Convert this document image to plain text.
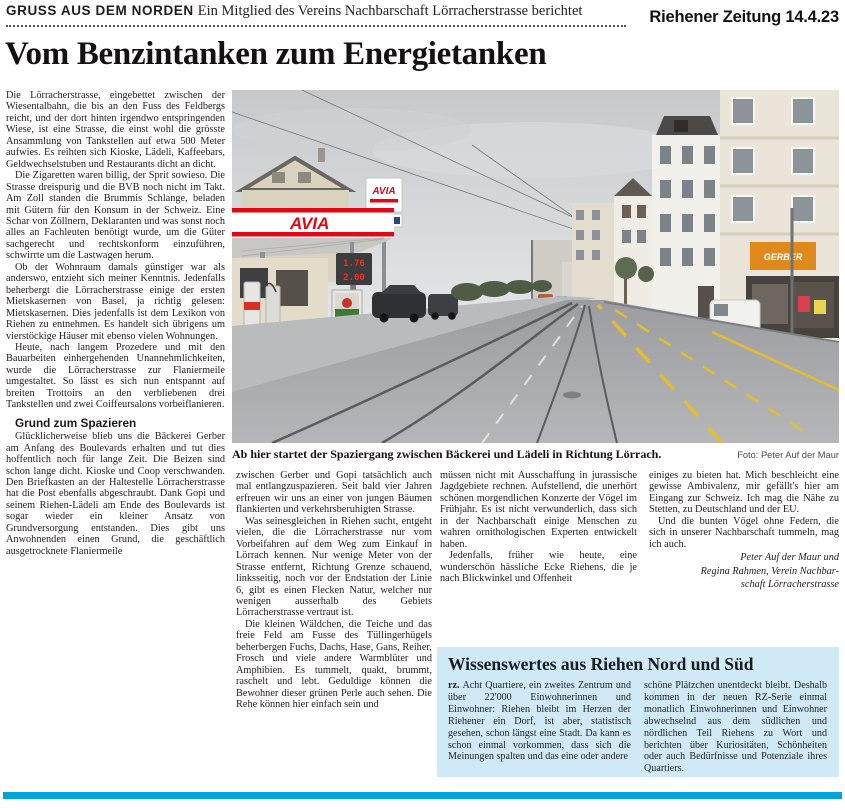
GRUSS AUS DEM NORDEN Ein Mitglied des Vereins Nachbarschaft Lörracherstrasse berichtet	Riehener Zeitung 14.4.23
Vom Benzintanken zum Energietanken

Die Lörracherstrasse, eingebettet zwischen der Wiesentalbahn, die bis an den Fuss des Feldbergs reicht, und der dort hinten irgendwo entspringenden Wiese, ist eine Strasse, die einst wohl die grösste Ansammlung von Tankstellen auf etwa 500 Meter aufwies. Es reihten sich Kioske, Lädeli, Kaffeebars, Geldwechselstuben und Restaurants dicht an dicht.

Die Zigaretten waren billig, der Sprit sowieso. Die Strasse dreispurig und die BVB noch nicht im Takt. Am Zoll standen die Brummis Schlange, beladen mit Gütern für den Konsum in der Schweiz. Eine Schar von Zöllnern, Deklaranten und was sonst noch alles an Fachleuten benötigt wurde, um die Güter sachgerecht und rechtskonform einzuführen, schwirrte um die Lastwagen herum.

Ob der Wohnraum damals günstiger war als anderswo, entzieht sich meiner Kenntnis. Jedenfalls beherbergt die Lörracherstrasse einige der ersten Mietskasernen von Basel, ja richtig gelesen: Mietskasernen. Dies jedenfalls ist dem Lexikon von Riehen zu entnehmen. Es handelt sich übrigens um vierstöckige Häuser mit ebenso vielen Wohnungen.

Heute, nach langem Prozedere und mit den Bauarbeiten einhergehenden Unannehmlichkeiten, wurde die Lörracherstrasse zur Flaniermeile umgestaltet. So lässt es sich nun entspannt auf breiten Trottoirs an den verbliebenen drei Tankstellen und zwei Coiffeursalons vorbeiflanieren.

Grund zum Spazieren

Glücklicherweise blieb uns die Bäckerei Gerber am Anfang des Boulevards erhalten und tut dies hoffentlich noch für lange Zeit. Die Beizen sind schon lange dicht. Kioske und Coop verschwanden. Den Briefkasten an der Haltestelle Lörracherstrasse hat die Post ebenfalls abgeschraubt. Dank Gopi und seinem Riehen-Lädeli am Ende des Boulevards ist sogar wieder ein kleiner Ansatz von Grundversorgung entstanden. Dies gibt uns Anwohnenden einen Grund, die geschäftlich ausgetrocknete Flaniermeile

GERBER
AVIA
AVIA
1.76
2.00
Ab hier startet der Spaziergang zwischen Bäckerei und Lädeli in Richtung Lörrach.	Foto: Peter Auf der Maur

zwischen Gerber und Gopi tatsächlich auch mal entlangzuspazieren. Seit bald vier Jahren erfreuen wir uns an einer von jungen Bäumen flankierten und verkehrsberuhigten Strasse.

Was seinesgleichen in Riehen sucht, entgeht vielen, die die Lörracherstrasse nur vom Vorbeifahren auf dem Weg zum Einkauf in Lörrach kennen. Nur wenige Meter von der Strasse entfernt, Richtung Grenze schauend, linksseitig, noch vor der Endstation der Linie 6, gibt es einen Flecken Natur, welcher nur wenigen ausserhalb des Gebiets Lörracherstrasse vertraut ist.

Die kleinen Wäldchen, die Teiche und das freie Feld am Fusse des Tüllingerhügels beherbergen Fuchs, Dachs, Hase, Gans, Reiher, Frosch und viele andere Warmblüter und Amphibien. Es tummelt, quakt, brummt, raschelt und lebt. Geduldige können die Bewohner dieser grünen Perle auch sehen. Die Rehe können hier einfach sein und

müssen nicht mit Ausschaffung in jurassische Jagdgebiete rechnen. Aufstellend, die unerhört schönen morgendlichen Konzerte der Vögel im Frühjahr. Es ist nicht verwunderlich, dass sich in der Nachbarschaft einige Menschen zu wahren ornithologischen Experten entwickelt haben.

Jedenfalls, früher wie heute, eine wunderschön hässliche Ecke Riehens, die je nach Blickwinkel und Offenheit

einiges zu bieten hat. Mich beschleicht eine gewisse Ambivalenz, mir gefällt's hier am Eingang zur Schweiz. Ich mag die Nähe zu Stetten, zu Deutschland und der EU.

Und die bunten Vögel ohne Federn, die sich in unserer Nachbarschaft tummeln, mag ich auch.

Peter Auf der Maur und

Regina Rahmen, Verein Nachbar-

schaft Lörracherstrasse

Wissenswertes aus Riehen Nord und Süd

rz. Acht Quartiere, ein zweites Zentrum und über 22'000 Einwohnerinnen und Einwohner: Riehen bleibt im Herzen der Riehener ein Dorf, ist aber, statistisch gesehen, schon längst eine Stadt. Da kann es schon einmal vorkommen, dass sich die Meinungen spalten und das eine oder andere
schöne Plätzchen unentdeckt bleibt. Deshalb kommen in der neuen RZ-Serie einmal monatlich Einwohnerinnen und Einwohner abwechselnd aus dem südlichen und nördlichen Teil Riehens zu Wort und berichten über Kuriositäten, Schönheiten oder auch Bedürfnisse und Potenziale ihres Quartiers.
